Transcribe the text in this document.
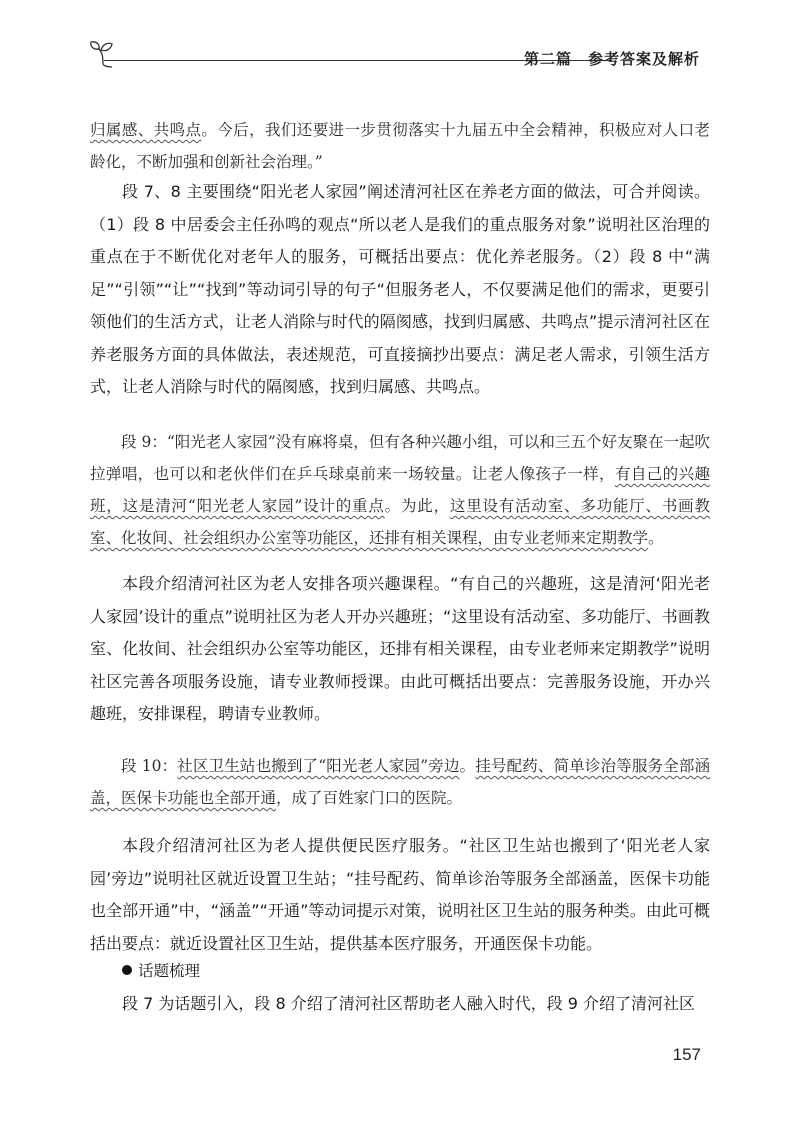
第二篇　参考答案及解析

归属感、共鸣点。今后，我们还要进一步贯彻落实十九届五中全会精神，积极应对人口老龄化，不断加强和创新社会治理。”

段 7、8 主要围绕“阳光老人家园”阐述清河社区在养老方面的做法，可合并阅读。（1）段 8 中居委会主任孙鸣的观点“所以老人是我们的重点服务对象”说明社区治理的重点在于不断优化对老年人的服务，可概括出要点：优化养老服务。（2）段 8 中“满足”“引领”“让”“找到”等动词引导的句子“但服务老人，不仅要满足他们的需求，更要引领他们的生活方式，让老人消除与时代的隔阂感，找到归属感、共鸣点”提示清河社区在养老服务方面的具体做法，表述规范，可直接摘抄出要点：满足老人需求，引领生活方式，让老人消除与时代的隔阂感，找到归属感、共鸣点。

段 9：“阳光老人家园”没有麻将桌，但有各种兴趣小组，可以和三五个好友聚在一起吹拉弹唱，也可以和老伙伴们在乒乓球桌前来一场较量。让老人像孩子一样，有自己的兴趣班，这是清河“阳光老人家园”设计的重点。为此，这里设有活动室、多功能厅、书画教室、化妆间、社会组织办公室等功能区，还排有相关课程，由专业老师来定期教学。

本段介绍清河社区为老人安排各项兴趣课程。“有自己的兴趣班，这是清河‘阳光老人家园’设计的重点”说明社区为老人开办兴趣班；“这里设有活动室、多功能厅、书画教室、化妆间、社会组织办公室等功能区，还排有相关课程，由专业老师来定期教学”说明社区完善各项服务设施，请专业教师授课。由此可概括出要点：完善服务设施，开办兴趣班，安排课程，聘请专业教师。

段 10：社区卫生站也搬到了“阳光老人家园”旁边。挂号配药、简单诊治等服务全部涵盖，医保卡功能也全部开通，成了百姓家门口的医院。

本段介绍清河社区为老人提供便民医疗服务。“社区卫生站也搬到了‘阳光老人家园’旁边”说明社区就近设置卫生站；“挂号配药、简单诊治等服务全部涵盖，医保卡功能也全部开通”中，“涵盖”“开通”等动词提示对策，说明社区卫生站的服务种类。由此可概括出要点：就近设置社区卫生站，提供基本医疗服务，开通医保卡功能。

话题梳理

段 7 为话题引入，段 8 介绍了清河社区帮助老人融入时代，段 9 介绍了清河社区

157
